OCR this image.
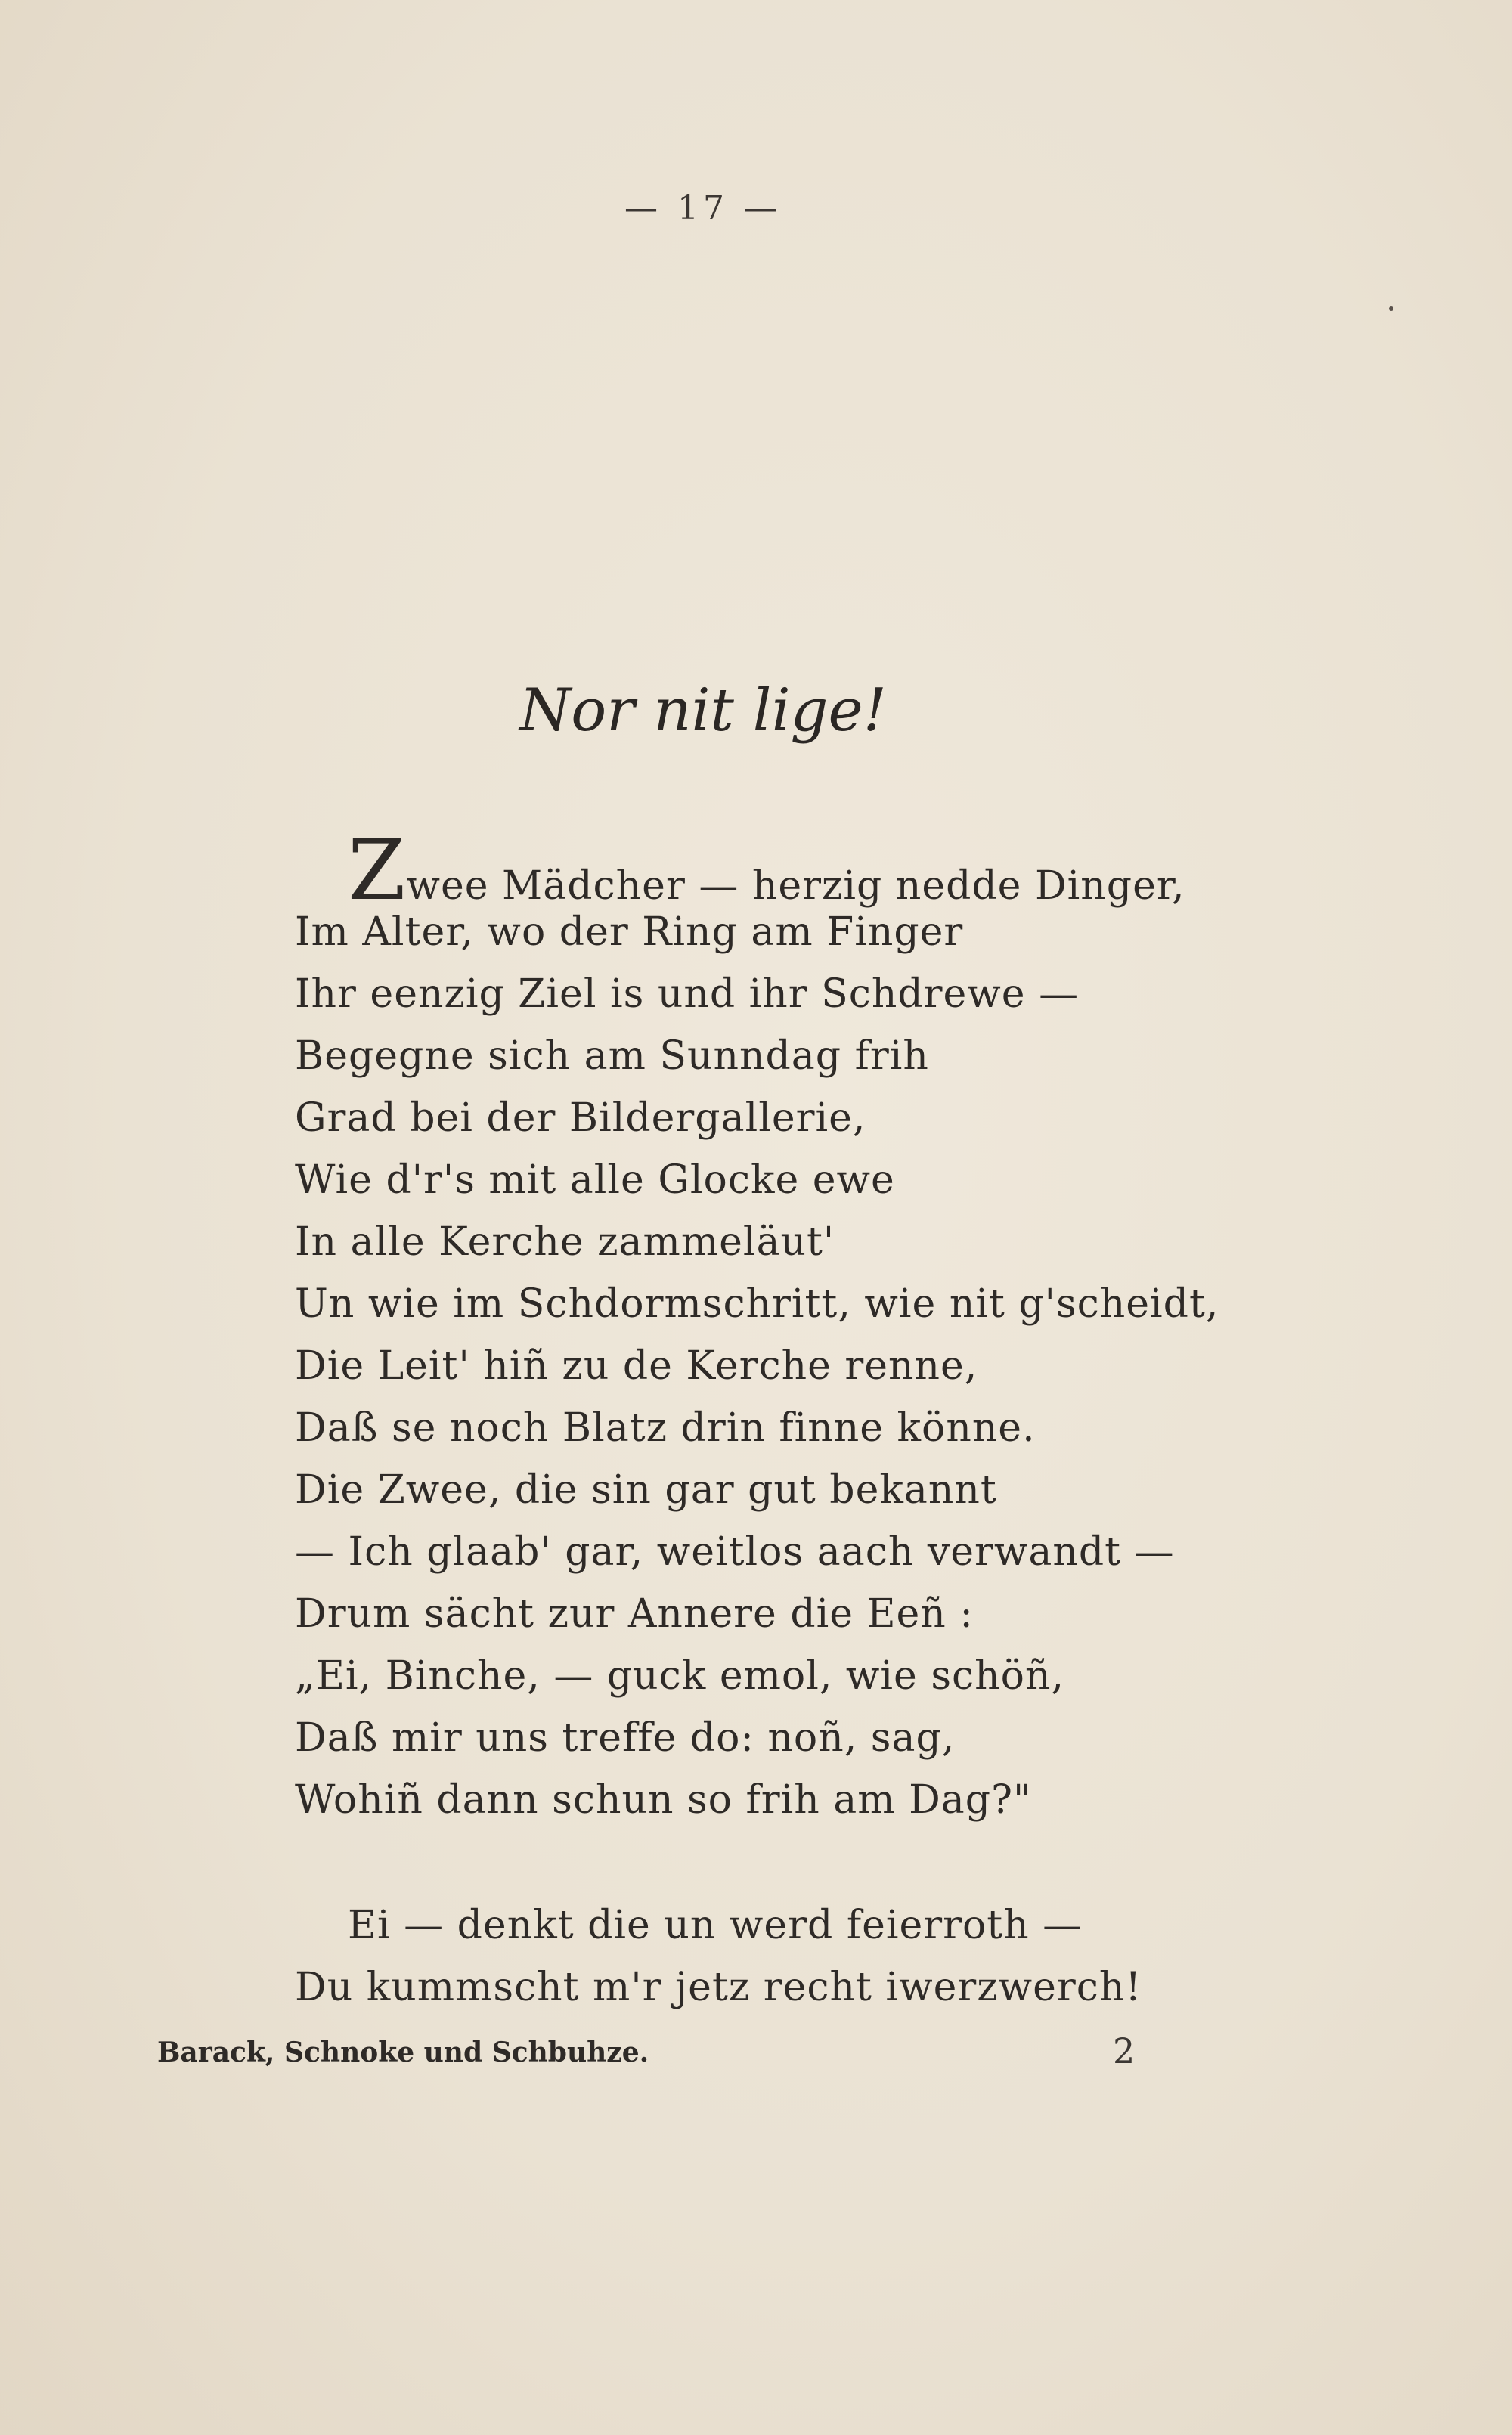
— 17 —
Nor nit lige!
Zwee Mädcher — herzig nedde Dinger,
Im Alter, wo der Ring am Finger
Ihr eenzig Ziel is und ihr Schdrewe —
Begegne sich am Sunndag frih
Grad bei der Bildergallerie,
Wie d'r's mit alle Glocke ewe
In alle Kerche zammeläut'
Un wie im Schdormschritt, wie nit g'scheidt,
Die Leit' hiñ zu de Kerche renne,
Daß se noch Blatz drin finne könne.
Die Zwee, die sin gar gut bekannt
— Ich glaab' gar, weitlos aach verwandt —
Drum sächt zur Annere die Eeñ :
„Ei, Binche, — guck emol, wie schöñ,
Daß mir uns treffe do: noñ, sag,
Wohiñ dann schun so frih am Dag?"
Ei — denkt die un werd feierroth —
Du kummscht m'r jetz recht iwerzwerch!
Barack, Schnoke und Schbuhze.	2
